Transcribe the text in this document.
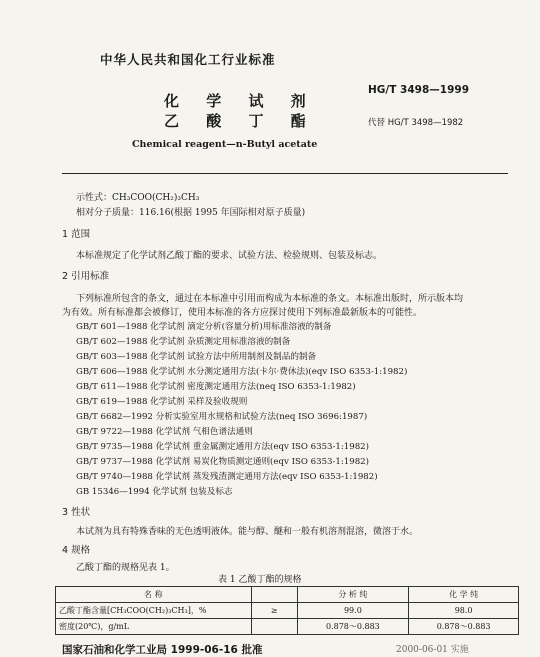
中华人民共和国化工行业标准
HG/T 3498—1999
化 学 试 剂
乙 酸 丁 酯	代替 HG/T 3498—1982
Chemical reagent—n-Butyl acetate
示性式：CH₃COO(CH₂)₃CH₃
相对分子质量：116.16(根据 1995 年国际相对原子质量)
1 范围
本标准规定了化学试剂乙酸丁酯的要求、试验方法、检验规则、包装及标志。
2 引用标准
下列标准所包含的条文，通过在本标准中引用而构成为本标准的条文。本标准出版时，所示版本均
为有效。所有标准都会被修订，使用本标准的各方应探讨使用下列标准最新版本的可能性。
GB/T 601—1988 化学试剂 滴定分析(容量分析)用标准溶液的制备
GB/T 602—1988 化学试剂 杂质测定用标准溶液的制备
GB/T 603—1988 化学试剂 试验方法中所用制剂及制品的制备
GB/T 606—1988 化学试剂 水分测定通用方法(卡尔·费休法)(eqv ISO 6353-1:1982)
GB/T 611—1988 化学试剂 密度测定通用方法(neq ISO 6353-1:1982)
GB/T 619—1988 化学试剂 采样及验收规则
GB/T 6682—1992 分析实验室用水规格和试验方法(neq ISO 3696:1987)
GB/T 9722—1988 化学试剂 气相色谱法通则
GB/T 9735—1988 化学试剂 重金属测定通用方法(eqv ISO 6353-1:1982)
GB/T 9737—1988 化学试剂 易炭化物质测定通则(eqv ISO 6353-1:1982)
GB/T 9740—1988 化学试剂 蒸发残渣测定通用方法(eqv ISO 6353-1:1982)
GB 15346—1994 化学试剂 包装及标志
3 性状
本试剂为具有特殊香味的无色透明液体。能与醇、醚和一般有机溶剂混溶，微溶于水。
4 规格
乙酸丁酯的规格见表 1。
表 1 乙酸丁酯的规格
名 称		分 析 纯	化 学 纯
乙酸丁酯含量[CH₃COO(CH₂)₃CH₃]，%	≥	99.0	98.0
密度(20℃)，g/mL		0.878～0.883	0.878～0.883
国家石油和化学工业局 1999-06-16 批准	2000-06-01 实施
